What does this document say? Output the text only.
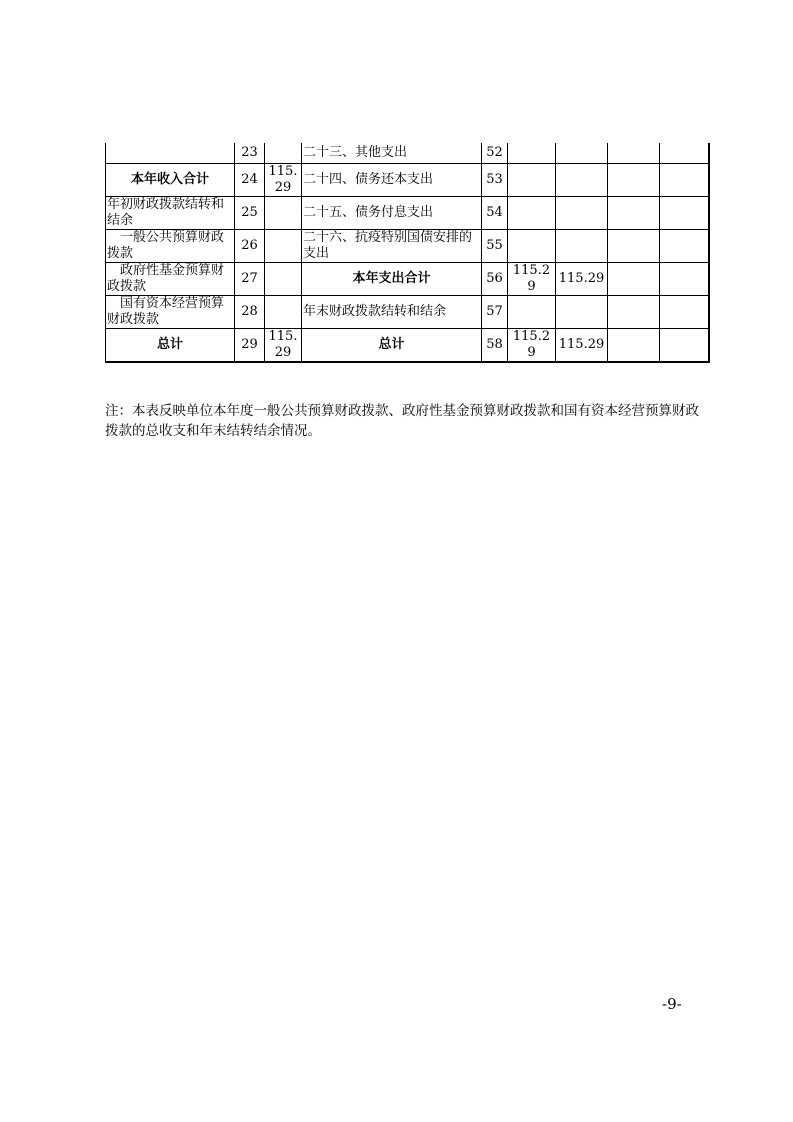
	23		二十三、其他支出	52				
本年收入合计	24	115.29	二十四、债务还本支出	53				
年初财政拨款结转和结余	25		二十五、债务付息支出	54				
一般公共预算财政拨款	26		二十六、抗疫特别国债安排的支出	55				
政府性基金预算财政拨款	27		本年支出合计	56	115.29	115.29		
国有资本经营预算财政拨款	28		年末财政拨款结转和结余	57				
总计	29	115.29	总计	58	115.29	115.29		
注：本表反映单位本年度一般公共预算财政拨款、政府性基金预算财政拨款和国有资本经营预算财政拨款的总收支和年末结转结余情况。
-9-
